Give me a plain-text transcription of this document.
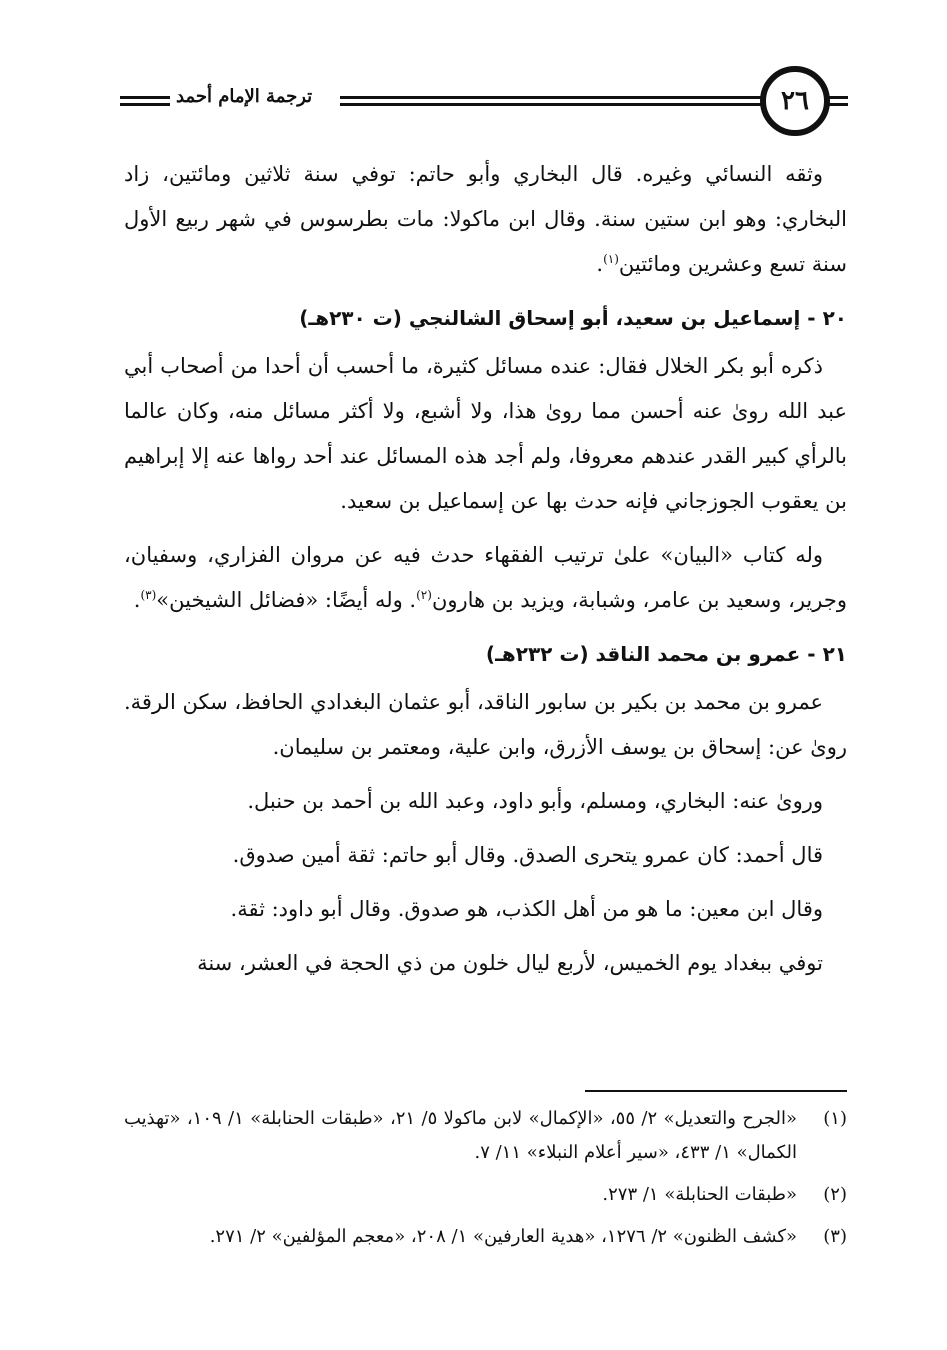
٢٦
ترجمة الإمام أحمد

وثقه النسائي وغيره. قال البخاري وأبو حاتم: توفي سنة ثلاثين ومائتين، زاد البخاري: وهو ابن ستين سنة. وقال ابن ماكولا: مات بطرسوس في شهر ربيع الأول سنة تسع وعشرين ومائتين$^{(١)}$.

٢٠ - إسماعيل بن سعيد، أبو إسحاق الشالنجي (ت ٢٣٠هـ)

ذكره أبو بكر الخلال فقال: عنده مسائل كثيرة، ما أحسب أن أحدا من أصحاب أبي عبد الله روىٰ عنه أحسن مما روىٰ هذا، ولا أشبع، ولا أكثر مسائل منه، وكان عالما بالرأي كبير القدر عندهم معروفا، ولم أجد هذه المسائل عند أحد رواها عنه إلا إبراهيم بن يعقوب الجوزجاني فإنه حدث بها عن إسماعيل بن سعيد.

وله كتاب «البيان» علىٰ ترتيب الفقهاء حدث فيه عن مروان الفزاري، وسفيان، وجرير، وسعيد بن عامر، وشبابة، ويزيد بن هارون$^{(٢)}$. وله أيضًا: «فضائل الشيخين»$^{(٣)}$.

٢١ - عمرو بن محمد الناقد (ت ٢٣٢هـ)

عمرو بن محمد بن بكير بن سابور الناقد، أبو عثمان البغدادي الحافظ، سكن الرقة. روىٰ عن: إسحاق بن يوسف الأزرق، وابن علية، ومعتمر بن سليمان.

وروىٰ عنه: البخاري، ومسلم، وأبو داود، وعبد الله بن أحمد بن حنبل.

قال أحمد: كان عمرو يتحرى الصدق. وقال أبو حاتم: ثقة أمين صدوق.

وقال ابن معين: ما هو من أهل الكذب، هو صدوق. وقال أبو داود: ثقة.

توفي ببغداد يوم الخميس، لأربع ليال خلون من ذي الحجة في العشر، سنة

(١)
«الجرح والتعديل» ٢/ ٥٥، «الإكمال» لابن ماكولا ٥/ ٢١، «طبقات الحنابلة» ١/ ١٠٩، «تهذيب الكمال» ١/ ٤٣٣، «سير أعلام النبلاء» ١١/ ٧.
(٢)
«طبقات الحنابلة» ١/ ٢٧٣.
(٣)
«كشف الظنون» ٢/ ١٢٧٦، «هدية العارفين» ١/ ٢٠٨، «معجم المؤلفين» ٢/ ٢٧١.
